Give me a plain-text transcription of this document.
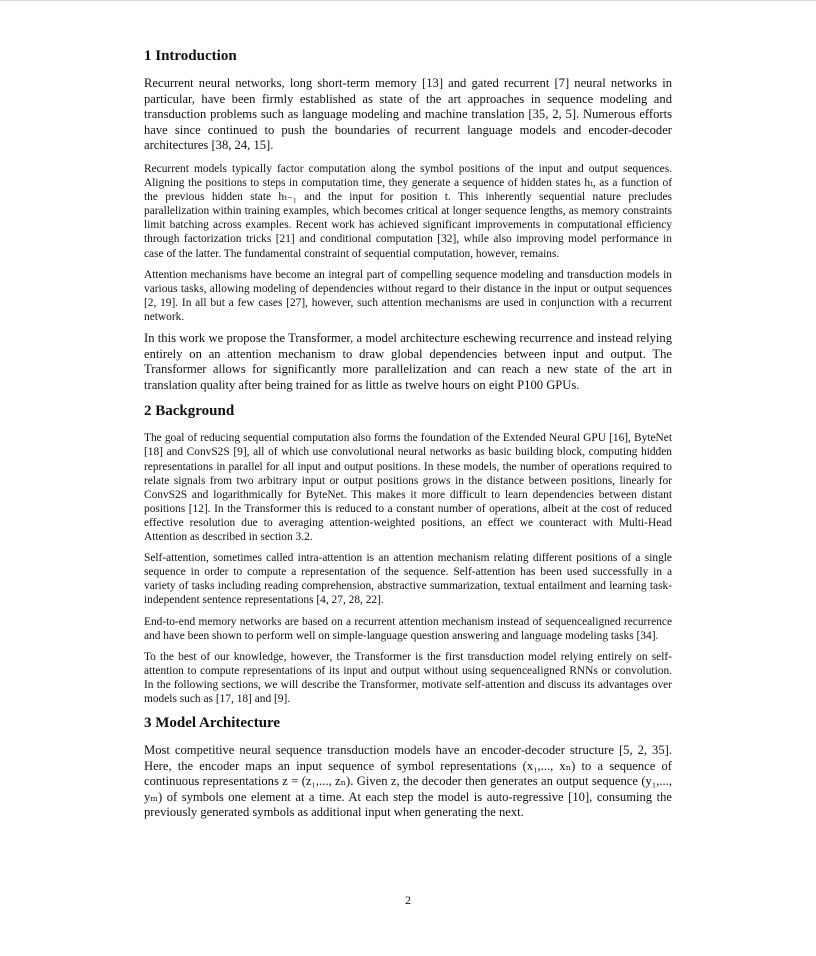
1 Introduction

Recurrent neural networks, long short-term memory [13] and gated recurrent [7] neural networks in particular, have been firmly established as state of the art approaches in sequence modeling and transduction problems such as language modeling and machine translation [35, 2, 5]. Numerous efforts have since continued to push the boundaries of recurrent language models and encoder-decoder architectures [38, 24, 15].

Recurrent models typically factor computation along the symbol positions of the input and output sequences. Aligning the positions to steps in computation time, they generate a sequence of hidden states hₜ, as a function of the previous hidden state hₜ₋₁ and the input for position t. This inherently sequential nature precludes parallelization within training examples, which becomes critical at longer sequence lengths, as memory constraints limit batching across examples. Recent work has achieved significant improvements in computational efficiency through factorization tricks [21] and conditional computation [32], while also improving model performance in case of the latter. The fundamental constraint of sequential computation, however, remains.

Attention mechanisms have become an integral part of compelling sequence modeling and transduction models in various tasks, allowing modeling of dependencies without regard to their distance in the input or output sequences [2, 19]. In all but a few cases [27], however, such attention mechanisms are used in conjunction with a recurrent network.

In this work we propose the Transformer, a model architecture eschewing recurrence and instead relying entirely on an attention mechanism to draw global dependencies between input and output. The Transformer allows for significantly more parallelization and can reach a new state of the art in translation quality after being trained for as little as twelve hours on eight P100 GPUs.

2 Background

The goal of reducing sequential computation also forms the foundation of the Extended Neural GPU [16], ByteNet [18] and ConvS2S [9], all of which use convolutional neural networks as basic building block, computing hidden representations in parallel for all input and output positions. In these models, the number of operations required to relate signals from two arbitrary input or output positions grows in the distance between positions, linearly for ConvS2S and logarithmically for ByteNet. This makes it more difficult to learn dependencies between distant positions [12]. In the Transformer this is reduced to a constant number of operations, albeit at the cost of reduced effective resolution due to averaging attention-weighted positions, an effect we counteract with Multi-Head Attention as described in section 3.2.

Self-attention, sometimes called intra-attention is an attention mechanism relating different positions of a single sequence in order to compute a representation of the sequence. Self-attention has been used successfully in a variety of tasks including reading comprehension, abstractive summarization, textual entailment and learning task-independent sentence representations [4, 27, 28, 22].

End-to-end memory networks are based on a recurrent attention mechanism instead of sequencealigned recurrence and have been shown to perform well on simple-language question answering and language modeling tasks [34].

To the best of our knowledge, however, the Transformer is the first transduction model relying entirely on self-attention to compute representations of its input and output without using sequencealigned RNNs or convolution. In the following sections, we will describe the Transformer, motivate self-attention and discuss its advantages over models such as [17, 18] and [9].

3 Model Architecture

Most competitive neural sequence transduction models have an encoder-decoder structure [5, 2, 35]. Here, the encoder maps an input sequence of symbol representations (x₁,..., xₙ) to a sequence of continuous representations z = (z₁,..., zₙ). Given z, the decoder then generates an output sequence (y₁,..., yₘ) of symbols one element at a time. At each step the model is auto-regressive [10], consuming the previously generated symbols as additional input when generating the next.

2
